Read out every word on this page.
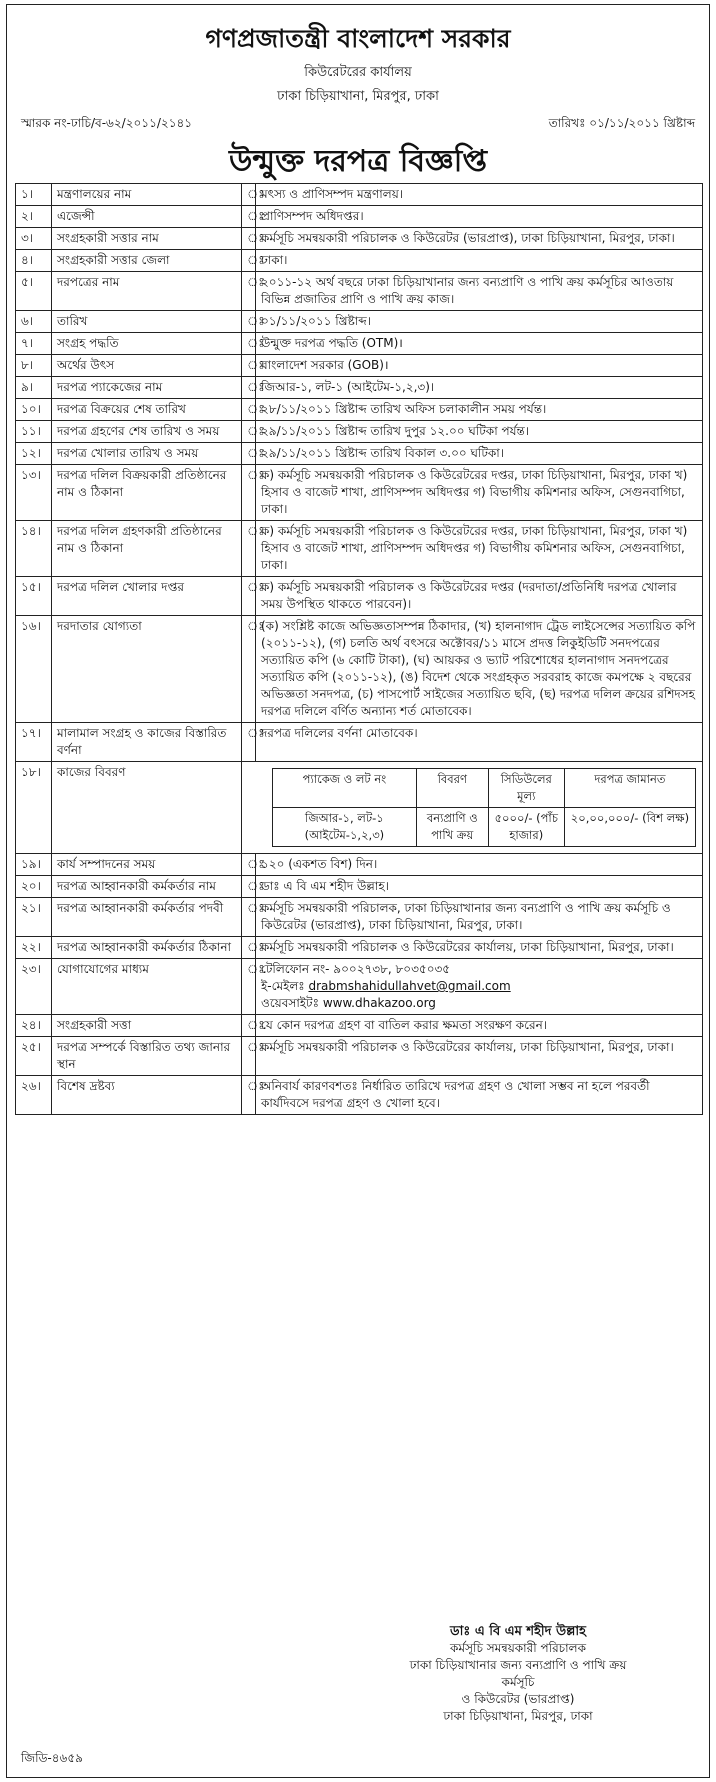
গণপ্রজাতন্ত্রী বাংলাদেশ সরকার
কিউরেটরের কার্যালয়
ঢাকা চিড়িয়াখানা, মিরপুর, ঢাকা
স্মারক নং-ঢাচি/ব-৬২/২০১১/২১৪১	তারিখঃ ০১/১১/২০১১ খ্রিষ্টাব্দ
উন্মুক্ত দরপত্র বিজ্ঞপ্তি
১।	মন্ত্রণালয়ের নাম	ঃ	মৎস্য ও প্রাণিসম্পদ মন্ত্রণালয়।
২।	এজেন্সী	ঃ	প্রাণিসম্পদ অধিদপ্তর।
৩।	সংগ্রহকারী সত্তার নাম	ঃ	কর্মসূচি সমন্বয়কারী পরিচালক ও কিউরেটর (ভারপ্রাপ্ত), ঢাকা চিড়িয়াখানা, মিরপুর, ঢাকা।
৪।	সংগ্রহকারী সত্তার জেলা	ঃ	ঢাকা।
৫।	দরপত্রের নাম	ঃ	২০১১-১২ অর্থ বছরে ঢাকা চিড়িয়াখানার জন্য বন্যপ্রাণি ও পাখি ক্রয় কর্মসূচির আওতায় বিভিন্ন প্রজাতির প্রাণি ও পাখি ক্রয় কাজ।
৬।	তারিখ	ঃ	০১/১১/২০১১ খ্রিষ্টাব্দ।
৭।	সংগ্রহ পদ্ধতি	ঃ	উন্মুক্ত দরপত্র পদ্ধতি (OTM)।
৮।	অর্থের উৎস	ঃ	বাংলাদেশ সরকার (GOB)।
৯।	দরপত্র প্যাকেজের নাম	ঃ	জিআর-১, লট-১ (আইটেম-১,২,৩)।
১০।	দরপত্র বিক্রয়ের শেষ তারিখ	ঃ	২৮/১১/২০১১ খ্রিষ্টাব্দ তারিখ অফিস চলাকালীন সময় পর্যন্ত।
১১।	দরপত্র গ্রহণের শেষ তারিখ ও সময়	ঃ	২৯/১১/২০১১ খ্রিষ্টাব্দ তারিখ দুপুর ১২.০০ ঘটিকা পর্যন্ত।
১২।	দরপত্র খোলার তারিখ ও সময়	ঃ	২৯/১১/২০১১ খ্রিষ্টাব্দ তারিখ বিকাল ৩.০০ ঘটিকা।
১৩।	দরপত্র দলিল বিক্রয়কারী প্রতিষ্ঠানের নাম ও ঠিকানা	ঃ	ক) কর্মসূচি সমন্বয়কারী পরিচালক ও কিউরেটরের দপ্তর, ঢাকা চিড়িয়াখানা, মিরপুর, ঢাকা খ) হিসাব ও বাজেট শাখা, প্রাণিসম্পদ অধিদপ্তর গ) বিভাগীয় কমিশনার অফিস, সেগুনবাগিচা, ঢাকা।
১৪।	দরপত্র দলিল গ্রহণকারী প্রতিষ্ঠানের নাম ও ঠিকানা	ঃ	ক) কর্মসূচি সমন্বয়কারী পরিচালক ও কিউরেটরের দপ্তর, ঢাকা চিড়িয়াখানা, মিরপুর, ঢাকা খ) হিসাব ও বাজেট শাখা, প্রাণিসম্পদ অধিদপ্তর গ) বিভাগীয় কমিশনার অফিস, সেগুনবাগিচা, ঢাকা।
১৫।	দরপত্র দলিল খোলার দপ্তর	ঃ	ক) কর্মসূচি সমন্বয়কারী পরিচালক ও কিউরেটরের দপ্তর (দরদাতা/প্রতিনিধি দরপত্র খোলার সময় উপস্থিত থাকতে পারবেন)।
১৬।	দরদাতার যোগ্যতা	ঃ	(ক) সংশ্লিষ্ট কাজে অভিজ্ঞতাসম্পন্ন ঠিকাদার, (খ) হালনাগাদ ট্রেড লাইসেন্সের সত্যায়িত কপি (২০১১-১২), (গ) চলতি অর্থ বৎসরে অক্টোবর/১১ মাসে প্রদত্ত লিকুইডিটি সনদপত্রের সত্যায়িত কপি (৬ কোটি টাকা), (ঘ) আয়কর ও ভ্যাট পরিশোধের হালনাগাদ সনদপত্রের সত্যায়িত কপি (২০১১-১২), (ঙ) বিদেশ থেকে সংগ্রহকৃত সরবরাহ কাজে কমপক্ষে ২ বছরের অভিজ্ঞতা সনদপত্র, (চ) পাসপোর্ট সাইজের সত্যায়িত ছবি, (ছ) দরপত্র দলিল ক্রয়ের রশিদসহ দরপত্র দলিলে বর্ণিত অন্যান্য শর্ত মোতাবেক।
১৭।	মালামাল সংগ্রহ ও কাজের বিস্তারিত বর্ণনা	ঃ	দরপত্র দলিলের বর্ণনা মোতাবেক।
১৮।	কাজের বিবরণ		প্যাকেজ ও লট নং	বিবরণ	সিডিউলের মূল্য	দরপত্র জামানত
জিআর-১, লট-১ (আইটেম-১,২,৩)	বন্যপ্রাণি ও পাখি ক্রয়	৫০০০/- (পাঁচ হাজার)	২০,০০,০০০/- (বিশ লক্ষ)

১৯।	কার্য সম্পাদনের সময়	ঃ	১২০ (একশত বিশ) দিন।
২০।	দরপত্র আহ্বানকারী কর্মকর্তার নাম	ঃ	ডাঃ এ বি এম শহীদ উল্লাহ।
২১।	দরপত্র আহ্বানকারী কর্মকর্তার পদবী	ঃ	কর্মসূচি সমন্বয়কারী পরিচালক, ঢাকা চিড়িয়াখানার জন্য বন্যপ্রাণি ও পাখি ক্রয় কর্মসূচি ও কিউরেটর (ভারপ্রাপ্ত), ঢাকা চিড়িয়াখানা, মিরপুর, ঢাকা।
২২।	দরপত্র আহ্বানকারী কর্মকর্তার ঠিকানা	ঃ	কর্মসূচি সমন্বয়কারী পরিচালক ও কিউরেটরের কার্যালয়, ঢাকা চিড়িয়াখানা, মিরপুর, ঢাকা।
২৩।	যোগাযোগের মাধ্যম	ঃ	
টেলিফোন নং- ৯০০২৭৩৮, ৮০৩৫০৩৫
ই-মেইলঃ drabmshahidullahvet@gmail.com
ওয়েবসাইটঃ www.dhakazoo.org

২৪।	সংগ্রহকারী সত্তা	ঃ	যে কোন দরপত্র গ্রহণ বা বাতিল করার ক্ষমতা সংরক্ষণ করেন।
২৫।	দরপত্র সম্পর্কে বিস্তারিত তথ্য জানার স্থান	ঃ	কর্মসূচি সমন্বয়কারী পরিচালক ও কিউরেটরের কার্যালয়, ঢাকা চিড়িয়াখানা, মিরপুর, ঢাকা।
২৬।	বিশেষ দ্রষ্টব্য	ঃ	অনিবার্য কারণবশতঃ নির্ধারিত তারিখে দরপত্র গ্রহণ ও খোলা সম্ভব না হলে পরবর্তী কার্যদিবসে দরপত্র গ্রহণ ও খোলা হবে।
ডাঃ এ বি এম শহীদ উল্লাহ
কর্মসূচি সমন্বয়কারী পরিচালক
ঢাকা চিড়িয়াখানার জন্য বন্যপ্রাণি ও পাখি ক্রয়
কর্মসূচি
ও কিউরেটর (ভারপ্রাপ্ত)
ঢাকা চিড়িয়াখানা, মিরপুর, ঢাকা
জিডি-৪৬৫৯
